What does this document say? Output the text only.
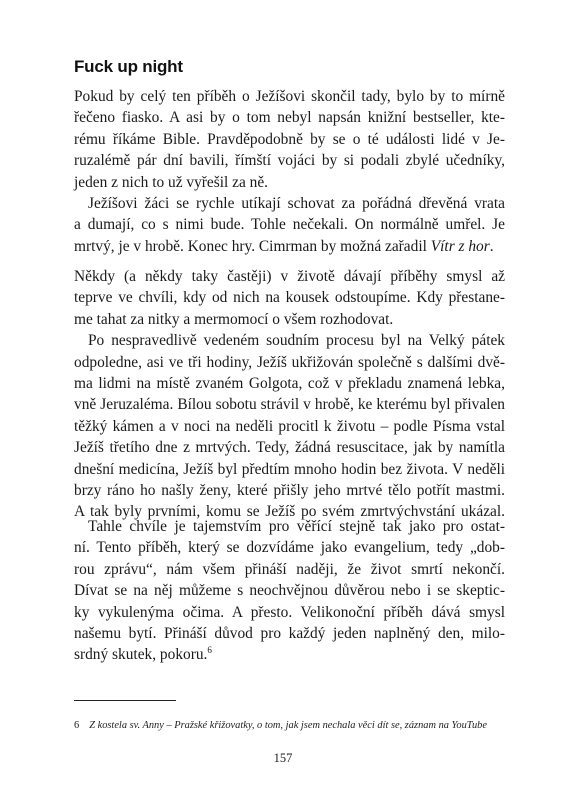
Fuck up night
Pokud by celý ten příběh o Ježíšovi skončil tady, bylo by to mírně
řečeno fiasko. A asi by o tom nebyl napsán knižní bestseller, kte-
rému říkáme Bible. Pravděpodobně by se o té události lidé v Je-
ruzalémě pár dní bavili, římští vojáci by si podali zbylé učedníky,
jeden z nich to už vyřešil za ně.
Ježíšovi žáci se rychle utíkají schovat za pořádná dřevěná vrata
a dumají, co s nimi bude. Tohle nečekali. On normálně umřel. Je
mrtvý, je v hrobě. Konec hry. Cimrman by možná zařadil Vítr z hor.
Někdy (a někdy taky častěji) v životě dávají příběhy smysl až
teprve ve chvíli, kdy od nich na kousek odstoupíme. Kdy přestane-
me tahat za nitky a mermomocí o všem rozhodovat.
Po nespravedlivě vedeném soudním procesu byl na Velký pátek
odpoledne, asi ve tři hodiny, Ježíš ukřižován společně s dalšími dvě-
ma lidmi na místě zvaném Golgota, což v překladu znamená lebka,
vně Jeruzaléma. Bílou sobotu strávil v hrobě, ke kterému byl přivalen
těžký kámen a v noci na neděli procitl k životu – podle Písma vstal
Ježíš třetího dne z mrtvých. Tedy, žádná resuscitace, jak by namítla
dnešní medicína, Ježíš byl předtím mnoho hodin bez života. V neděli
brzy ráno ho našly ženy, které přišly jeho mrtvé tělo potřít mastmi.
A tak byly prvními, komu se Ježíš po svém zmrtvýchvstání ukázal.
Tahle chvíle je tajemstvím pro věřící stejně tak jako pro ostat-
ní. Tento příběh, který se dozvídáme jako evangelium, tedy „dob-
rou zprávu“, nám všem přináší naději, že život smrtí nekončí.
Dívat se na něj můžeme s neochvějnou důvěrou nebo i se skeptic-
ky vykulenýma očima. A přesto. Velikonoční příběh dává smysl
našemu bytí. Přináší důvod pro každý jeden naplněný den, milo-
srdný skutek, pokoru.$^6$
6 Z kostela sv. Anny – Pražské křižovatky, o tom, jak jsem nechala věci dít se, záznam na YouTube
157
